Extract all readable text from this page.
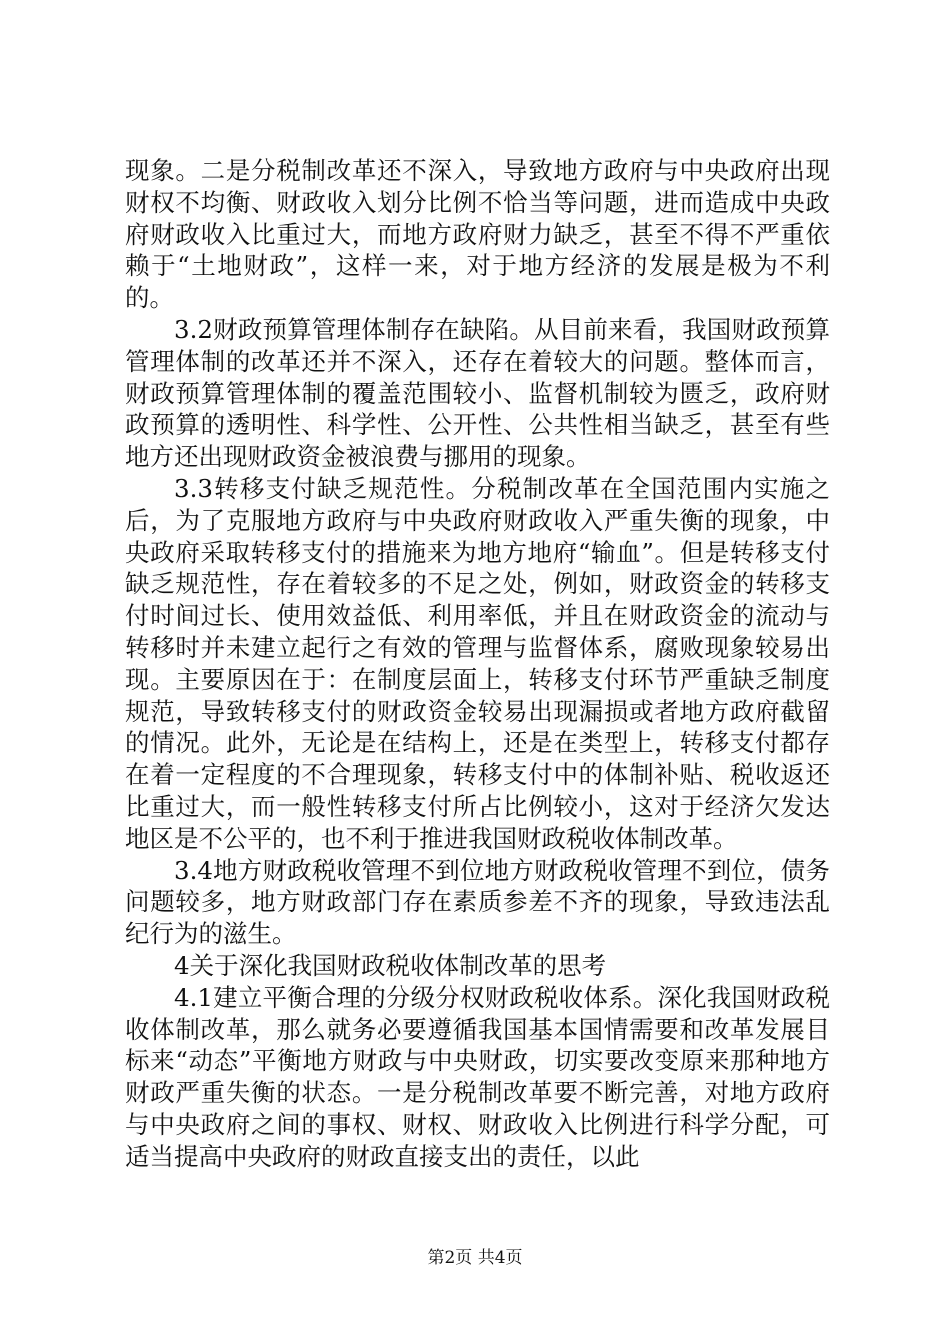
现象。二是分税制改革还不深入，导致地方政府与中央政府出现财权不均衡、财政收入划分比例不恰当等问题，进而造成中央政府财政收入比重过大，而地方政府财力缺乏，甚至不得不严重依赖于“土地财政”，这样一来，对于地方经济的发展是极为不利的。

3.2财政预算管理体制存在缺陷。从目前来看，我国财政预算管理体制的改革还并不深入，还存在着较大的问题。整体而言，财政预算管理体制的覆盖范围较小、监督机制较为匮乏，政府财政预算的透明性、科学性、公开性、公共性相当缺乏，甚至有些地方还出现财政资金被浪费与挪用的现象。

3.3转移支付缺乏规范性。分税制改革在全国范围内实施之后，为了克服地方政府与中央政府财政收入严重失衡的现象，中央政府采取转移支付的措施来为地方地府“输血”。但是转移支付缺乏规范性，存在着较多的不足之处，例如，财政资金的转移支付时间过长、使用效益低、利用率低，并且在财政资金的流动与转移时并未建立起行之有效的管理与监督体系，腐败现象较易出现。主要原因在于：在制度层面上，转移支付环节严重缺乏制度规范，导致转移支付的财政资金较易出现漏损或者地方政府截留的情况。此外，无论是在结构上，还是在类型上，转移支付都存在着一定程度的不合理现象，转移支付中的体制补贴、税收返还比重过大，而一般性转移支付所占比例较小，这对于经济欠发达地区是不公平的，也不利于推进我国财政税收体制改革。

3.4地方财政税收管理不到位地方财政税收管理不到位，债务问题较多，地方财政部门存在素质参差不齐的现象，导致违法乱纪行为的滋生。

4关于深化我国财政税收体制改革的思考

4.1建立平衡合理的分级分权财政税收体系。深化我国财政税收体制改革，那么就务必要遵循我国基本国情需要和改革发展目标来“动态”平衡地方财政与中央财政，切实要改变原来那种地方财政严重失衡的状态。一是分税制改革要不断完善，对地方政府与中央政府之间的事权、财权、财政收入比例进行科学分配，可适当提高中央政府的财政直接支出的责任，以此

第2页 共4页
